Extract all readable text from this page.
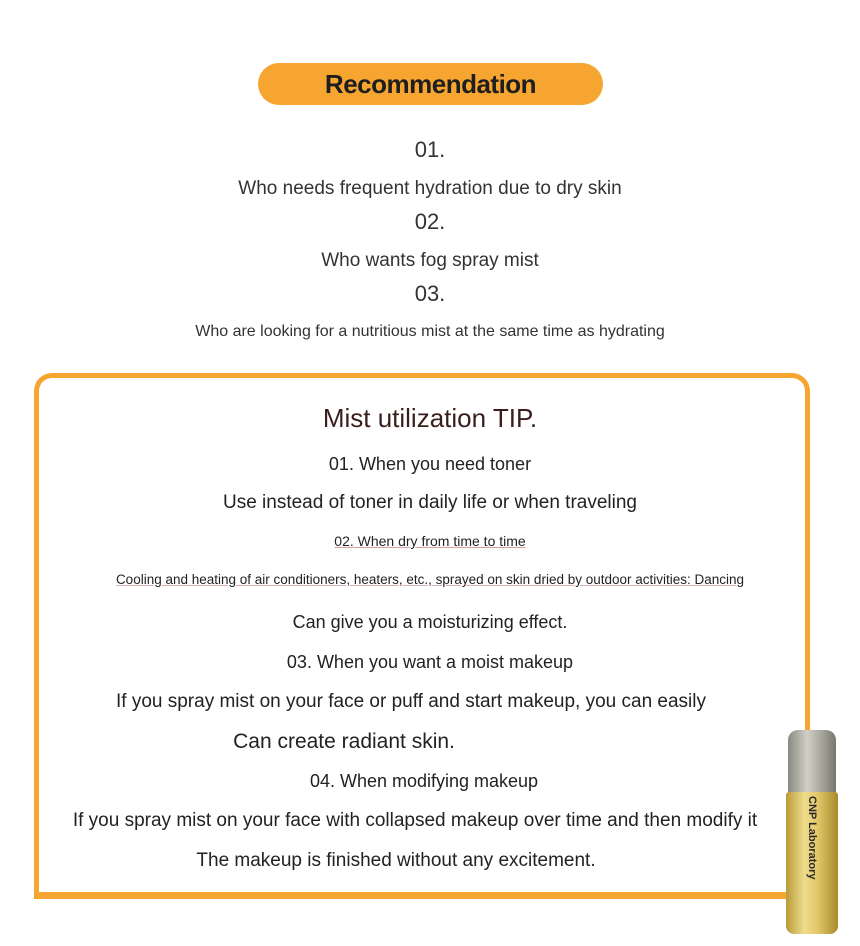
Recommendation
01.
Who needs frequent hydration due to dry skin
02.
Who wants fog spray mist
03.
Who are looking for a nutritious mist at the same time as hydrating
Mist utilization TIP.
01. When you need toner
Use instead of toner in daily life or when traveling
02. When dry from time to time
Cooling and heating of air conditioners, heaters, etc., sprayed on skin dried by outdoor activities: Dancing
Can give you a moisturizing effect.
03. When you want a moist makeup
If you spray mist on your face or puff and start makeup, you can easily
Can create radiant skin.
04. When modifying makeup
If you spray mist on your face with collapsed makeup over time and then modify it
The makeup is finished without any excitement.	CNP Laboratory
